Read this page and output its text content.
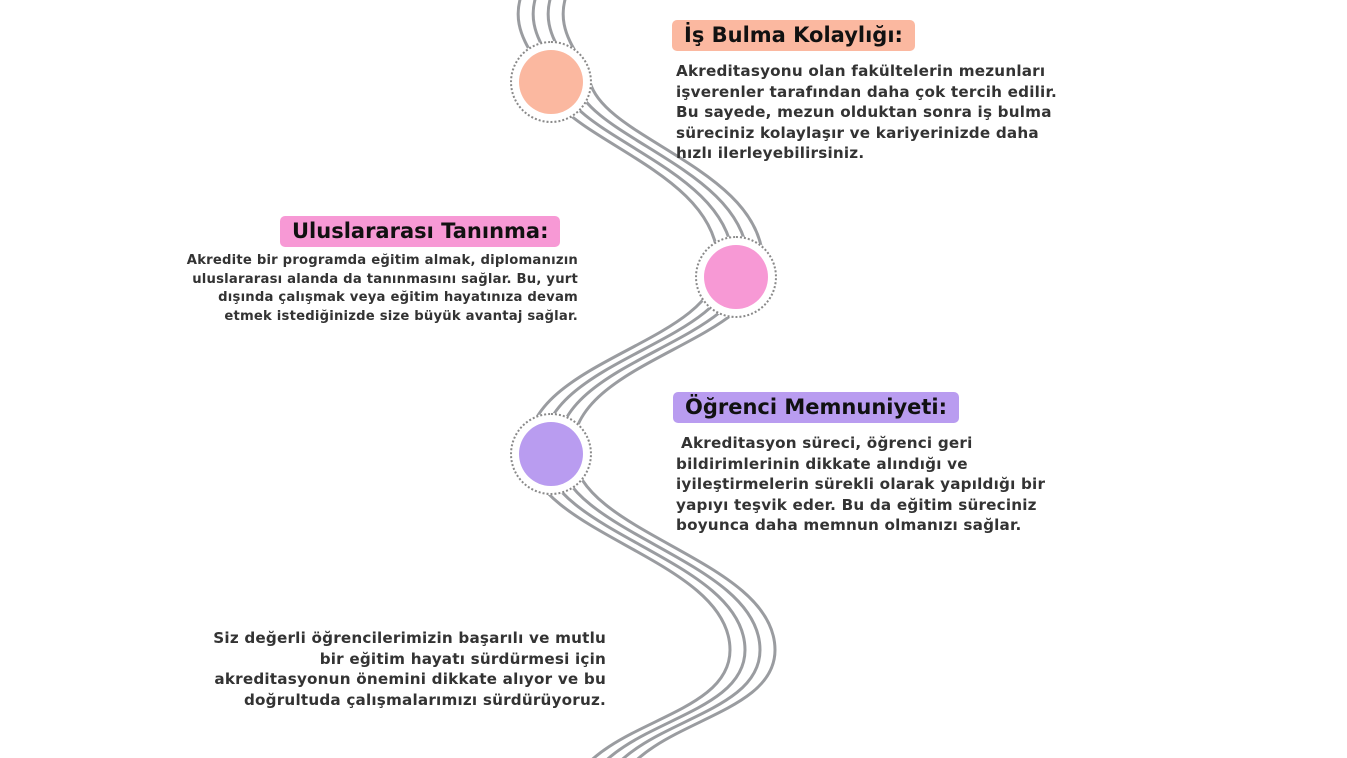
İş Bulma Kolaylığı:
Akreditasyonu olan fakültelerin mezunları işverenler tarafından daha çok tercih edilir. Bu sayede, mezun olduktan sonra iş bulma süreciniz kolaylaşır ve kariyerinizde daha hızlı ilerleyebilirsiniz.
Uluslararası Tanınma:
Akredite bir programda eğitim almak, diplomanızın uluslararası alanda da tanınmasını sağlar. Bu, yurt dışında çalışmak veya eğitim hayatınıza devam etmek istediğinizde size büyük avantaj sağlar.
Öğrenci Memnuniyeti:
Akreditasyon süreci, öğrenci geri bildirimlerinin dikkate alındığı ve iyileştirmelerin sürekli olarak yapıldığı bir yapıyı teşvik eder. Bu da eğitim süreciniz boyunca daha memnun olmanızı sağlar.
Siz değerli öğrencilerimizin başarılı ve mutlu bir eğitim hayatı sürdürmesi için akreditasyonun önemini dikkate alıyor ve bu doğrultuda çalışmalarımızı sürdürüyoruz.
